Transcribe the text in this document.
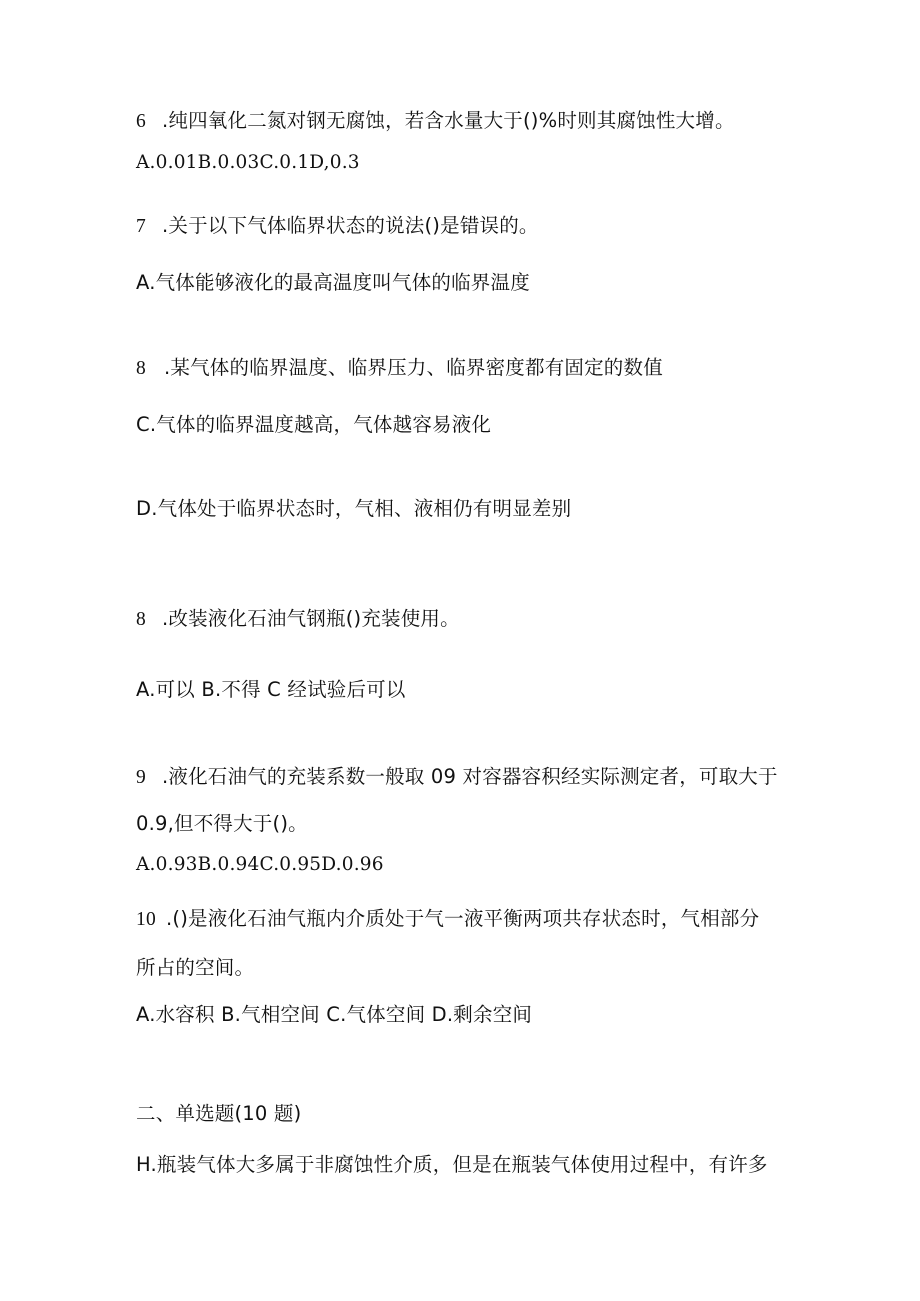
6 .纯四氧化二氮对钢无腐蚀，若含水量大于()%时则其腐蚀性大增。
A.0.01B.0.03C.0.1D,0.3
7 .关于以下气体临界状态的说法()是错误的。
A.气体能够液化的最高温度叫气体的临界温度
8 .某气体的临界温度、临界压力、临界密度都有固定的数值
C.气体的临界温度越高，气体越容易液化
D.气体处于临界状态时，气相、液相仍有明显差别
8 .改装液化石油气钢瓶()充装使用。
A.可以 B.不得 C 经试验后可以
9 .液化石油气的充装系数一般取 09 对容器容积经实际测定者，可取大于
0.9,但不得大于()。
A.0.93B.0.94C.0.95D.0.96
10 .()是液化石油气瓶内介质处于气一液平衡两项共存状态时，气相部分
所占的空间。
A.水容积 B.气相空间 C.气体空间 D.剩余空间
二、单选题(10 题)
H.瓶装气体大多属于非腐蚀性介质，但是在瓶装气体使用过程中，有许多
